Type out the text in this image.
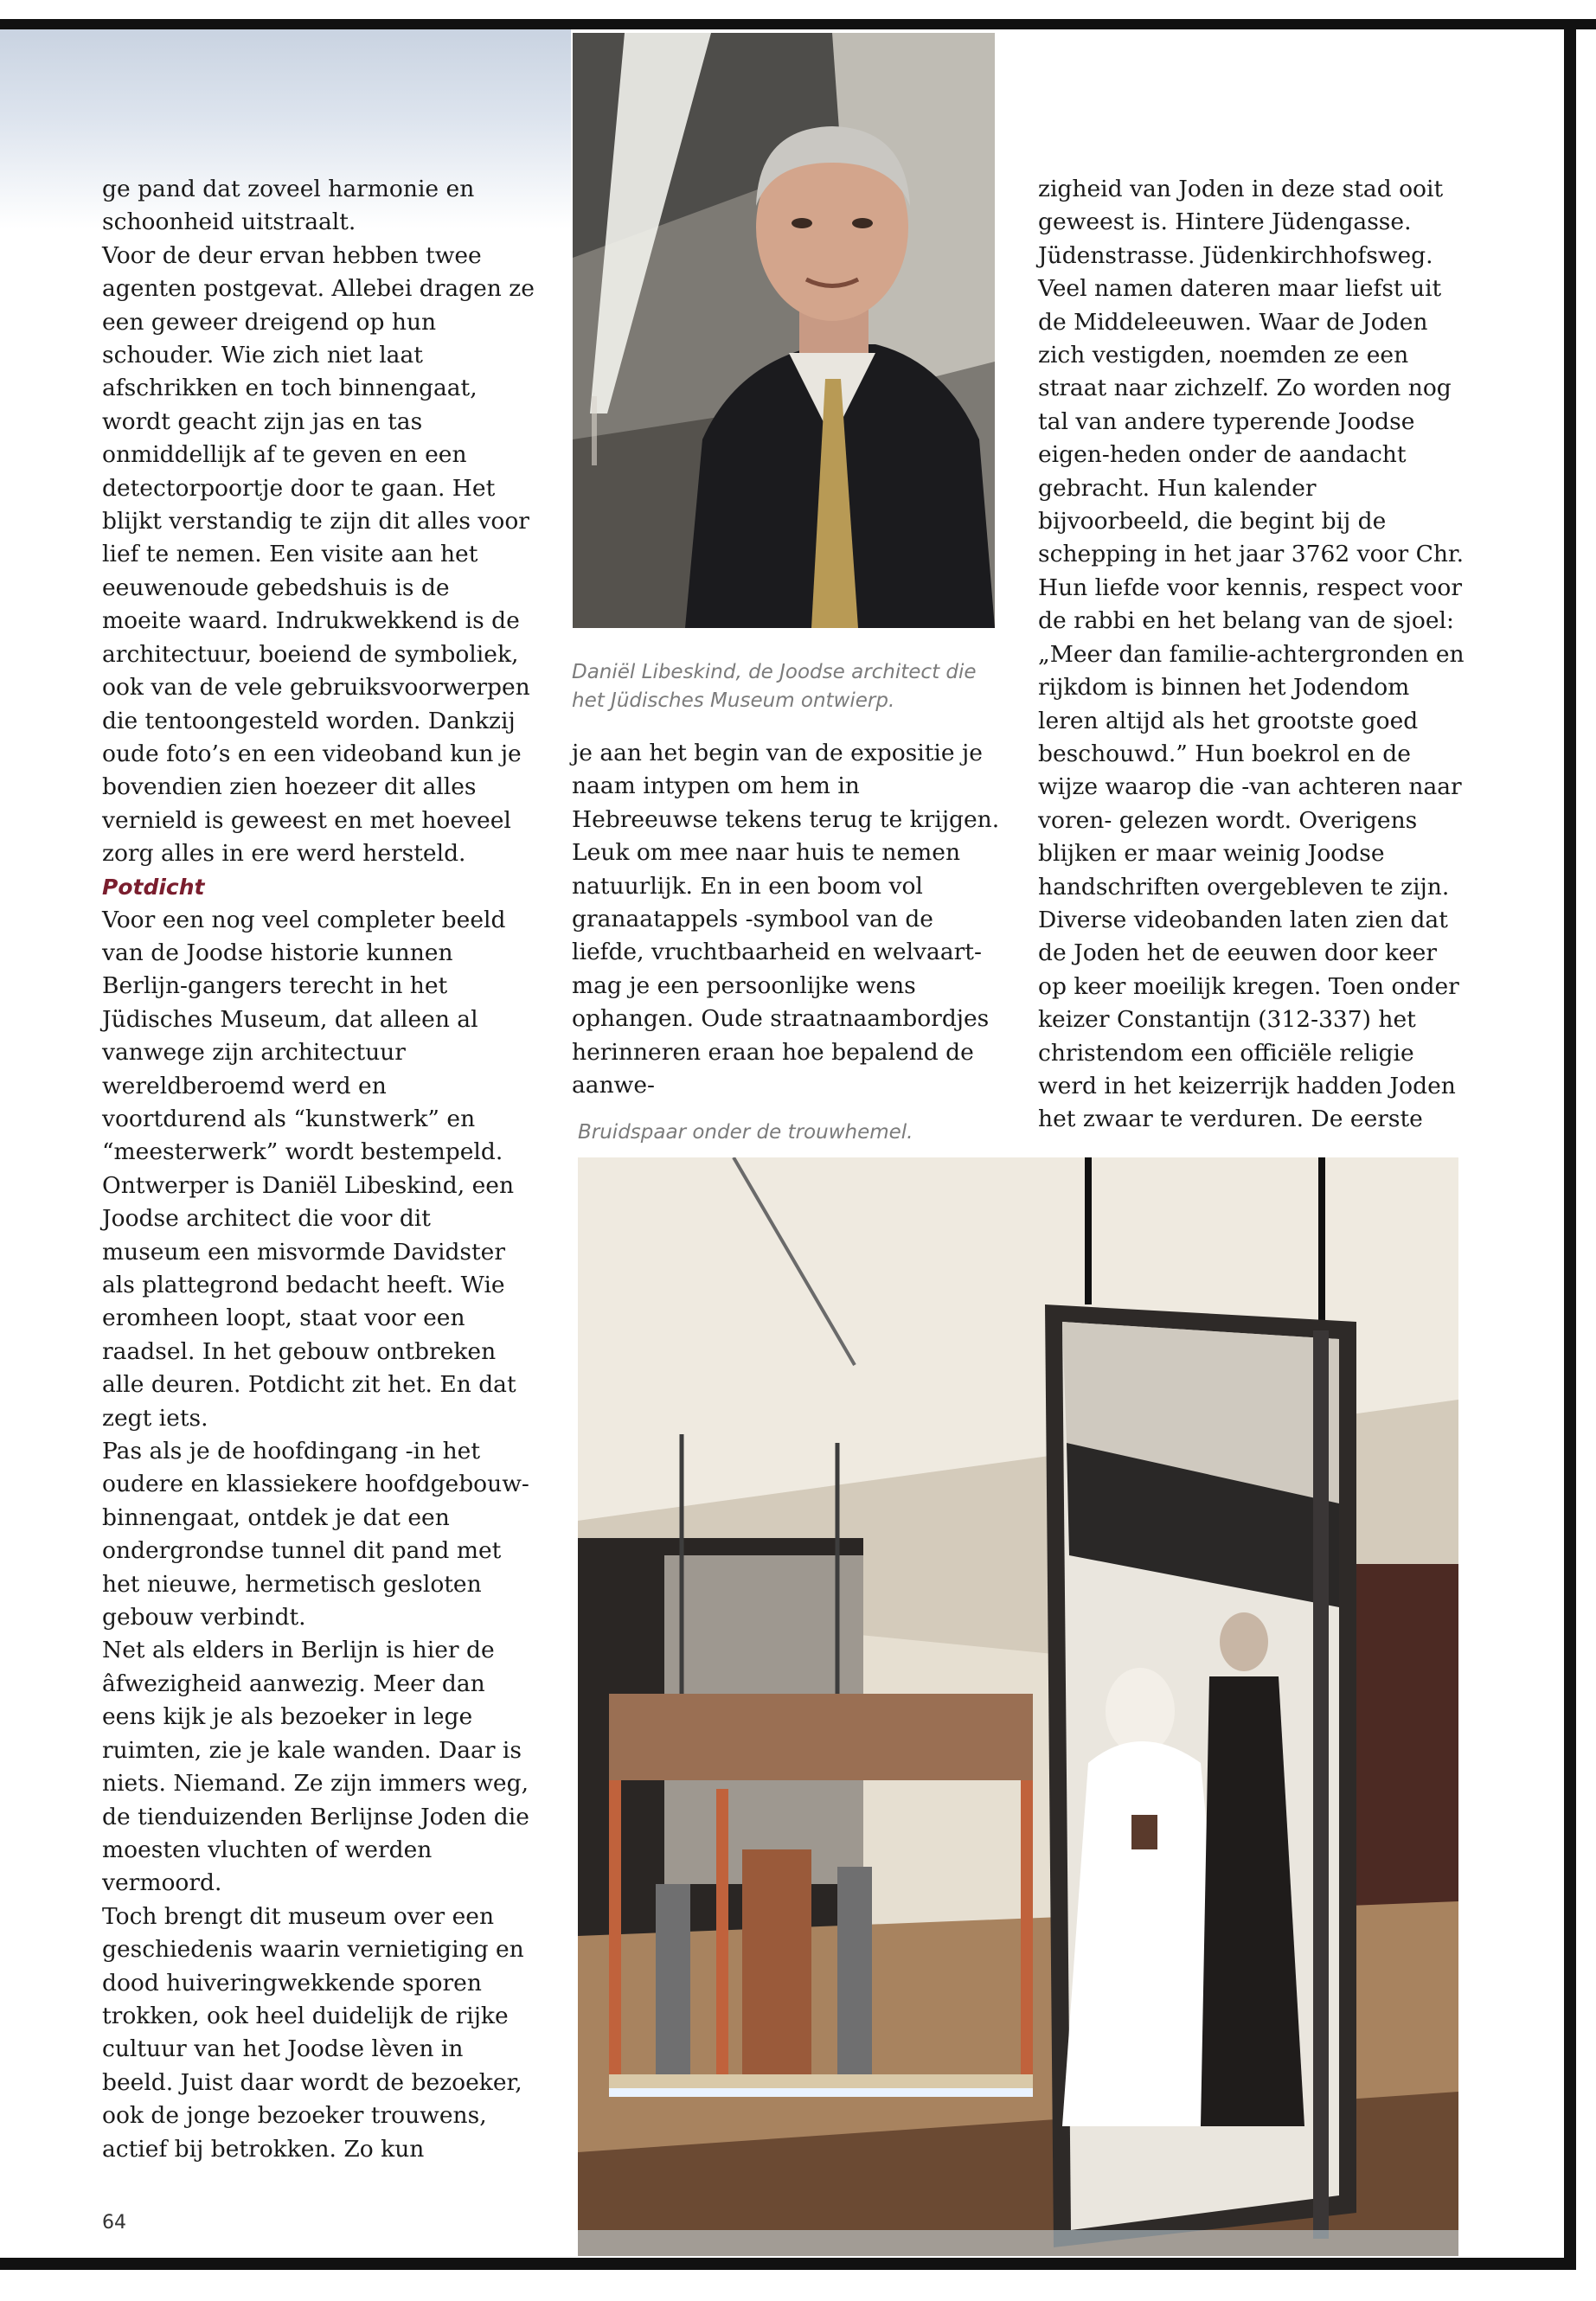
ge pand dat zoveel harmonie en schoonheid uitstraalt.

Voor de deur ervan hebben twee agenten postgevat. Allebei dragen ze een geweer dreigend op hun schouder. Wie zich niet laat afschrikken en toch binnengaat, wordt geacht zijn jas en tas onmiddellijk af te geven en een detectorpoortje door te gaan. Het blijkt verstandig te zijn dit alles voor lief te nemen. Een visite aan het eeuwenoude gebedshuis is de moeite waard. Indrukwekkend is de architectuur, boeiend de symboliek, ook van de vele gebruiksvoorwerpen die tentoongesteld worden. Dankzij oude foto’s en een videoband kun je bovendien zien hoezeer dit alles vernield is geweest en met hoeveel zorg alles in ere werd hersteld.

Potdicht

Voor een nog veel completer beeld van de Joodse historie kunnen Berlijn-gangers terecht in het Jüdisches Museum, dat alleen al vanwege zijn architectuur wereldberoemd werd en voortdurend als “kunstwerk” en “meesterwerk” wordt bestempeld. Ontwerper is Daniël Libeskind, een Joodse architect die voor dit museum een misvormde Davidster als plattegrond bedacht heeft. Wie eromheen loopt, staat voor een raadsel. In het gebouw ontbreken alle deuren. Potdicht zit het. En dat zegt iets.

Pas als je de hoofdingang -in het oudere en klassiekere hoofdgebouw- binnengaat, ontdek je dat een ondergrondse tunnel dit pand met het nieuwe, hermetisch gesloten gebouw verbindt.

Net als elders in Berlijn is hier de âfwezigheid aanwezig. Meer dan eens kijk je als bezoeker in lege ruimten, zie je kale wanden. Daar is niets. Niemand. Ze zijn immers weg, de tienduizenden Berlijnse Joden die moesten vluchten of werden vermoord.

Toch brengt dit museum over een geschiedenis waarin vernietiging en dood huiveringwekkende sporen trokken, ook heel duidelijk de rijke cultuur van het Joodse lèven in beeld. Juist daar wordt de bezoeker, ook de jonge bezoeker trouwens, actief bij betrokken. Zo kun

Daniël Libeskind, de Joodse architect die het Jüdisches Museum ontwierp.

je aan het begin van de expositie je naam intypen om hem in Hebreeuwse tekens terug te krijgen. Leuk om mee naar huis te nemen natuurlijk. En in een boom vol granaatappels -symbool van de liefde, vruchtbaarheid en welvaart- mag je een persoonlijke wens ophangen. Oude straatnaambordjes herinneren eraan hoe bepalend de aanwe-

Bruidspaar onder de trouwhemel.

zigheid van Joden in deze stad ooit geweest is. Hintere Jüdengasse. Jüdenstrasse. Jüdenkirchhofsweg. Veel namen dateren maar liefst uit de Middeleeuwen. Waar de Joden zich vestigden, noemden ze een straat naar zichzelf. Zo worden nog tal van andere typerende Joodse eigen-heden onder de aandacht gebracht. Hun kalender bijvoorbeeld, die begint bij de schepping in het jaar 3762 voor Chr. Hun liefde voor kennis, respect voor de rabbi en het belang van de sjoel: „Meer dan familie-achtergronden en rijkdom is binnen het Jodendom leren altijd als het grootste goed beschouwd.” Hun boekrol en de wijze waarop die -van achteren naar voren- gelezen wordt. Overigens blijken er maar weinig Joodse handschriften overgebleven te zijn. Diverse videobanden laten zien dat de Joden het de eeuwen door keer op keer moeilijk kregen. Toen onder keizer Constantijn (312-337) het christendom een officiële religie werd in het keizerrijk hadden Joden het zwaar te verduren. De eerste

64
